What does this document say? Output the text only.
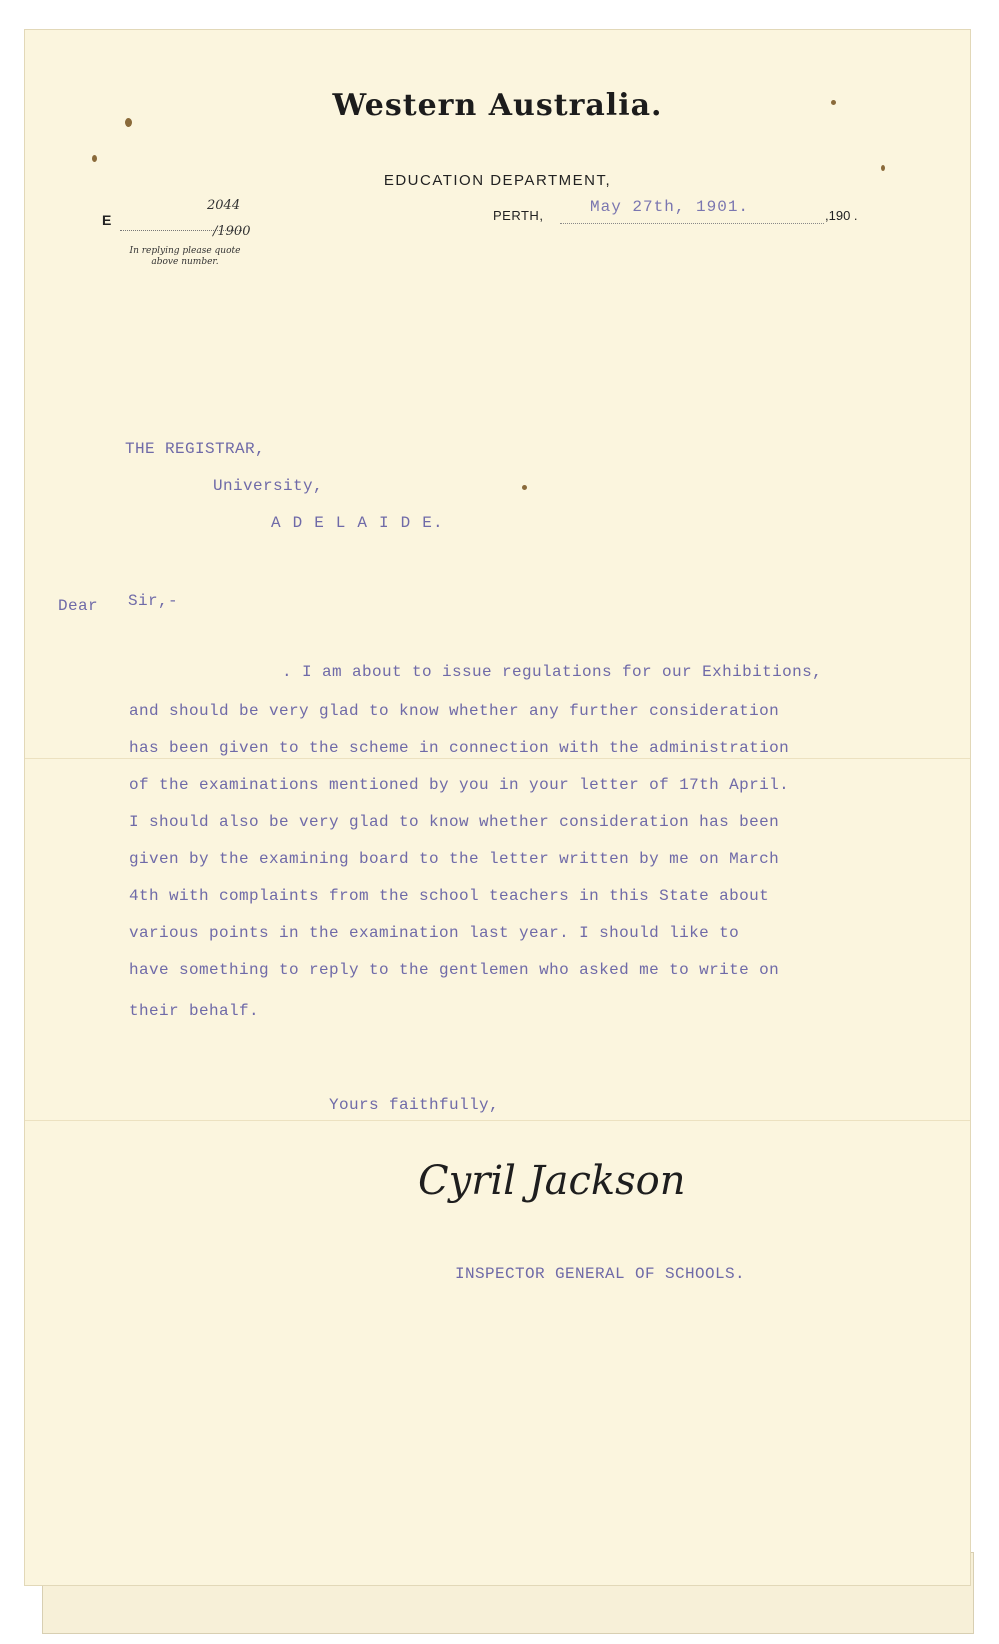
Western Australia.
EDUCATION DEPARTMENT,
E
2044
/1900
In replying please quote above number.
PERTH,	May 27th, 1901.	,190 .
THE REGISTRAR,
University,
A D E L A I D E.
Dear Sir,-
. I am about to issue regulations for our Exhibitions,
and should be very glad to know whether any further consideration
has been given to the scheme in connection with the administration
of the examinations mentioned by you in your letter of 17th April.
I should also be very glad to know whether consideration has been
given by the examining board to the letter written by me on March
4th with complaints from the school teachers in this State about
various points in the examination last year. I should like to
have something to reply to the gentlemen who asked me to write on
their behalf.
Yours faithfully,
Cyril Jackson
INSPECTOR GENERAL OF SCHOOLS.
